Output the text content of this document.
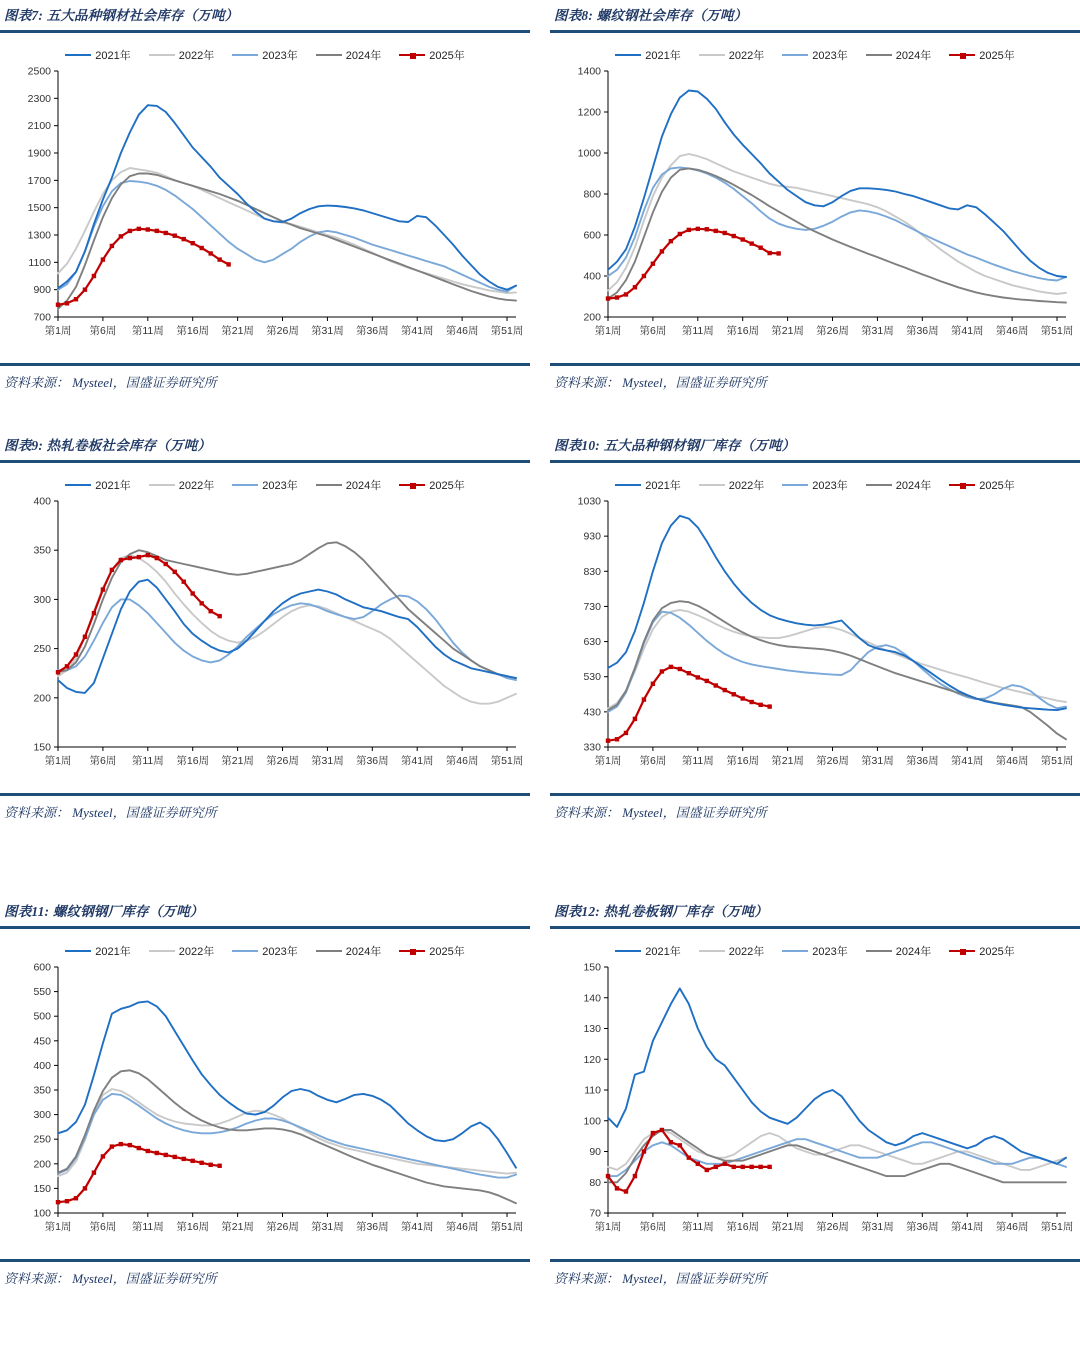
图表7: 五大品种钢材社会库存（万吨）
700
900
1100
1300
1500
1700
1900
2100
2300
2500
第1周 第6周 第11周 第16周 第21周 第26周 第31周 第36周 第41周 第46周 第51周
2021年	2022年	2023年	2024年	2025年
资料来源： Mysteel，国盛证券研究所
图表8: 螺纹钢社会库存（万吨）
200
400
600
800
1000
1200
1400
第1周 第6周 第11周 第16周 第21周 第26周 第31周 第36周 第41周 第46周 第51周
2021年	2022年	2023年	2024年	2025年
资料来源： Mysteel，国盛证券研究所
图表9: 热轧卷板社会库存（万吨）
150
200
250
300
350
400
第1周 第6周 第11周 第16周 第21周 第26周 第31周 第36周 第41周 第46周 第51周
2021年	2022年	2023年	2024年	2025年
资料来源： Mysteel，国盛证券研究所
图表10: 五大品种钢材钢厂库存（万吨）
330
430
530
630
730
830
930
1030
第1周 第6周 第11周 第16周 第21周 第26周 第31周 第36周 第41周 第46周 第51周
2021年	2022年	2023年	2024年	2025年
资料来源： Mysteel，国盛证券研究所
图表11: 螺纹钢钢厂库存（万吨）
100
150
200
250
300
350
400
450
500
550
600
第1周 第6周 第11周 第16周 第21周 第26周 第31周 第36周 第41周 第46周 第51周
2021年	2022年	2023年	2024年	2025年
资料来源： Mysteel，国盛证券研究所
图表12: 热轧卷板钢厂库存（万吨）
70
80
90
100
110
120
130
140
150
第1周 第6周 第11周 第16周 第21周 第26周 第31周 第36周 第41周 第46周 第51周
2021年	2022年	2023年	2024年	2025年
资料来源： Mysteel，国盛证券研究所
